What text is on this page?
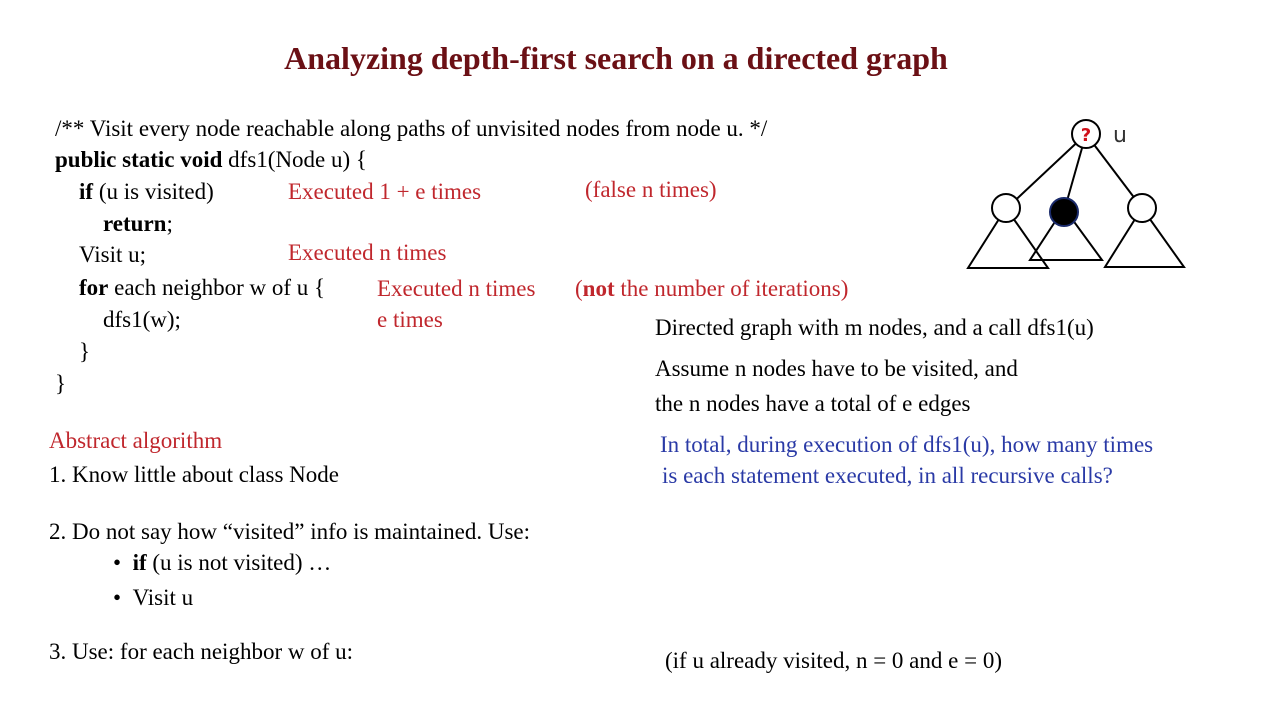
Analyzing depth-first search on a directed graph
/** Visit every node reachable along paths of unvisited nodes from node u. */
public static void dfs1(Node u) {
if (u is visited)
return;
Visit u;
for each neighbor w of u {
dfs1(w);
}
}
Executed 1 + e times	(false n times)
Executed n times
Executed n times (not the number of iterations)
e times
? u
Directed graph with m nodes, and a call dfs1(u)
Assume n nodes have to be visited, and
the n nodes have a total of e edges
In total, during execution of dfs1(u), how many times
is each statement executed, in all recursive calls?
(if u already visited, n = 0 and e = 0)
Abstract algorithm
1. Know little about class Node
2. Do not say how “visited” info is maintained. Use:
• if (u is not visited) …
• Visit u
3. Use: for each neighbor w of u:
